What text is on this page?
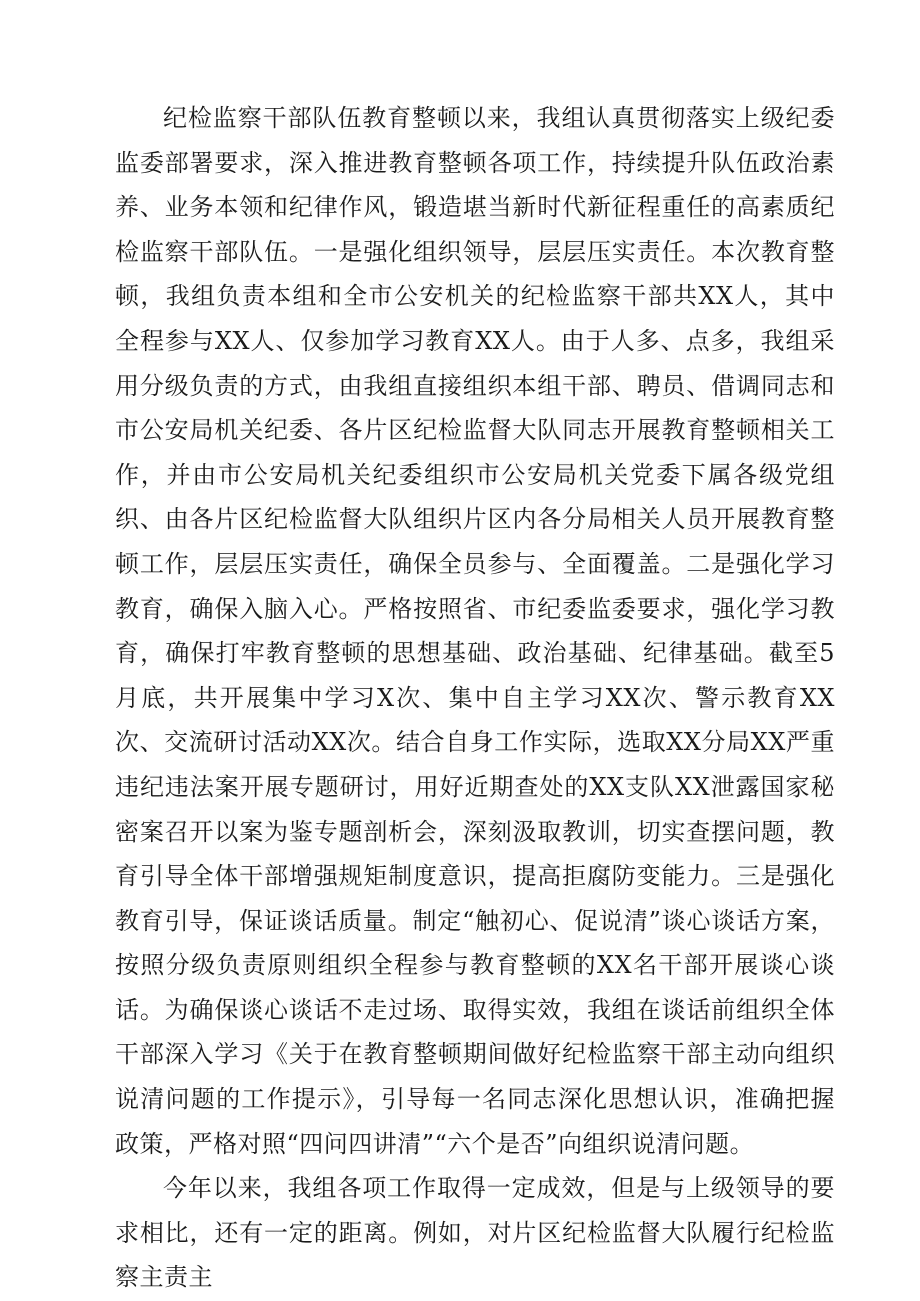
纪检监察干部队伍教育整顿以来，我组认真贯彻落实上级纪委监委部署要求，深入推进教育整顿各项工作，持续提升队伍政治素养、业务本领和纪律作风，锻造堪当新时代新征程重任的高素质纪检监察干部队伍。一是强化组织领导，层层压实责任。本次教育整顿，我组负责本组和全市公安机关的纪检监察干部共XX人，其中全程参与XX人、仅参加学习教育XX人。由于人多、点多，我组采用分级负责的方式，由我组直接组织本组干部、聘员、借调同志和市公安局机关纪委、各片区纪检监督大队同志开展教育整顿相关工作，并由市公安局机关纪委组织市公安局机关党委下属各级党组织、由各片区纪检监督大队组织片区内各分局相关人员开展教育整顿工作，层层压实责任，确保全员参与、全面覆盖。二是强化学习教育，确保入脑入心。严格按照省、市纪委监委要求，强化学习教育，确保打牢教育整顿的思想基础、政治基础、纪律基础。截至5月底，共开展集中学习X次、集中自主学习XX次、警示教育XX次、交流研讨活动XX次。结合自身工作实际，选取XX分局XX严重违纪违法案开展专题研讨，用好近期查处的XX支队XX泄露国家秘密案召开以案为鉴专题剖析会，深刻汲取教训，切实查摆问题，教育引导全体干部增强规矩制度意识，提高拒腐防变能力。三是强化教育引导，保证谈话质量。制定“触初心、促说清”谈心谈话方案，按照分级负责原则组织全程参与教育整顿的XX名干部开展谈心谈话。为确保谈心谈话不走过场、取得实效，我组在谈话前组织全体干部深入学习《关于在教育整顿期间做好纪检监察干部主动向组织说清问题的工作提示》，引导每一名同志深化思想认识，准确把握政策，严格对照“四问四讲清”“六个是否”向组织说清问题。

今年以来，我组各项工作取得一定成效，但是与上级领导的要求相比，还有一定的距离。例如，对片区纪检监督大队履行纪检监察主责主
